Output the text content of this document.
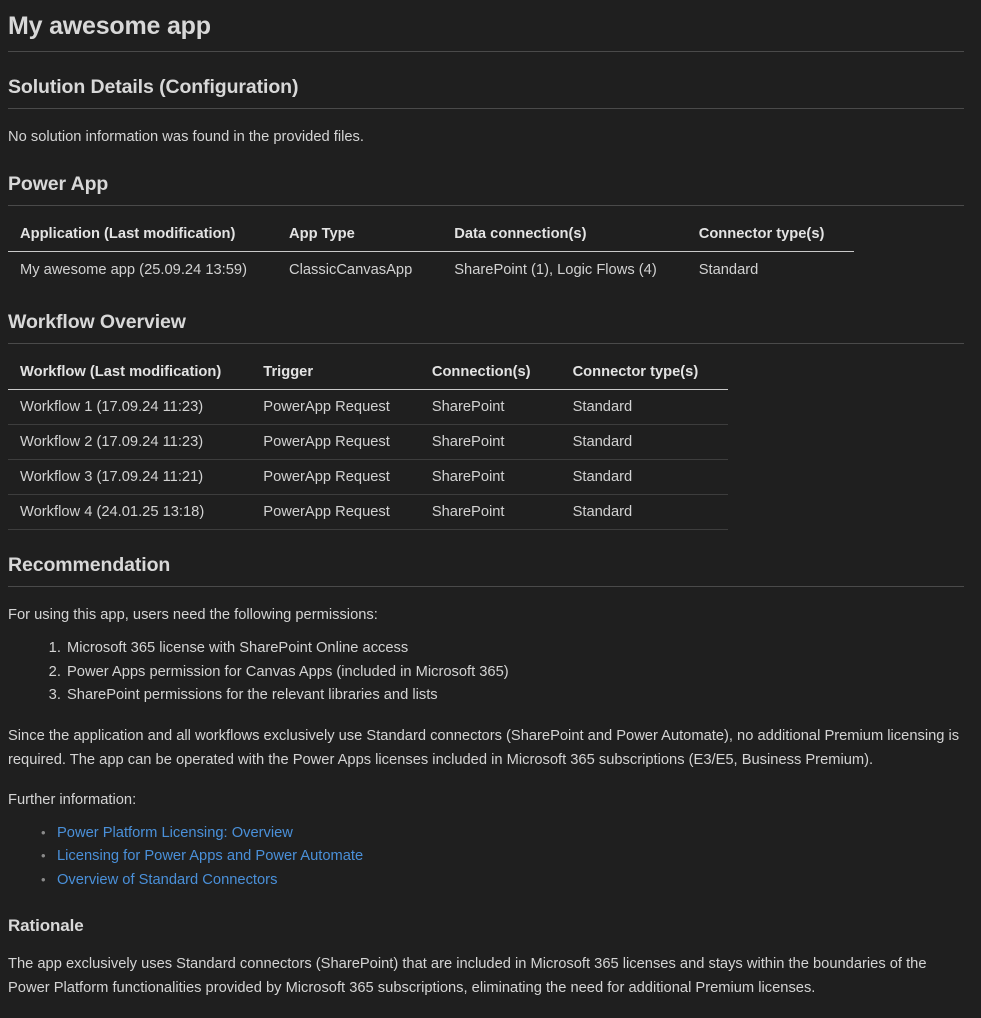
My awesome app
Solution Details (Configuration)

No solution information was found in the provided files.

Power App
Application (Last modification)	App Type	Data connection(s)	Connector type(s)
My awesome app (25.09.24 13:59)	ClassicCanvasApp	SharePoint (1), Logic Flows (4)	Standard
Workflow Overview
Workflow (Last modification)	Trigger	Connection(s)	Connector type(s)
Workflow 1 (17.09.24 11:23)	PowerApp Request	SharePoint	Standard
Workflow 2 (17.09.24 11:23)	PowerApp Request	SharePoint	Standard
Workflow 3 (17.09.24 11:21)	PowerApp Request	SharePoint	Standard
Workflow 4 (24.01.25 13:18)	PowerApp Request	SharePoint	Standard
Recommendation

For using this app, users need the following permissions:

1. Microsoft 365 license with SharePoint Online access
2. Power Apps permission for Canvas Apps (included in Microsoft 365)
3. SharePoint permissions for the relevant libraries and lists

Since the application and all workflows exclusively use Standard connectors (SharePoint and Power Automate), no additional Premium licensing is required. The app can be operated with the Power Apps licenses included in Microsoft 365 subscriptions (E3/E5, Business Premium).

Further information:

• Power Platform Licensing: Overview
• Licensing for Power Apps and Power Automate
• Overview of Standard Connectors
Rationale

The app exclusively uses Standard connectors (SharePoint) that are included in Microsoft 365 licenses and stays within the boundaries of the Power Platform functionalities provided by Microsoft 365 subscriptions, eliminating the need for additional Premium licenses.
